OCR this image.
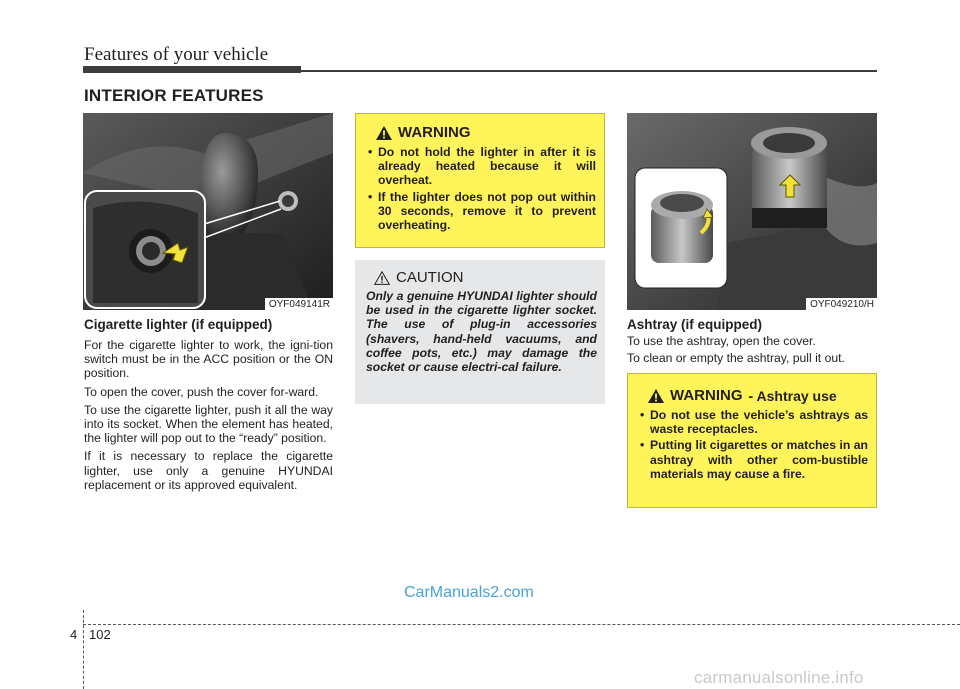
Features of your vehicle
INTERIOR FEATURES
OYF049141R
Cigarette lighter (if equipped)

For the cigarette lighter to work, the igni-tion switch must be in the ACC position or the ON position.

To open the cover, push the cover for-ward.

To use the cigarette lighter, push it all the way into its socket. When the element has heated, the lighter will pop out to the “ready” position.

If it is necessary to replace the cigarette lighter, use only a genuine HYUNDAI replacement or its approved equivalent.

WARNING
• Do not hold the lighter in after it is already heated because it will overheat.
• If the lighter does not pop out within 30 seconds, remove it to prevent overheating.
CAUTION
Only a genuine HYUNDAI lighter should be used in the cigarette lighter socket. The use of plug-in accessories (shavers, hand-held vacuums, and coffee pots, etc.) may damage the socket or cause electri-cal failure.
OYF049210/H
Ashtray (if equipped)

To use the ashtray, open the cover.

To clean or empty the ashtray, pull it out.

WARNING - Ashtray use
• Do not use the vehicle’s ashtrays as waste receptacles.
• Putting lit cigarettes or matches in an ashtray with other com-bustible materials may cause a fire.
CarManuals2.com
4 102
carmanualsonline.info
